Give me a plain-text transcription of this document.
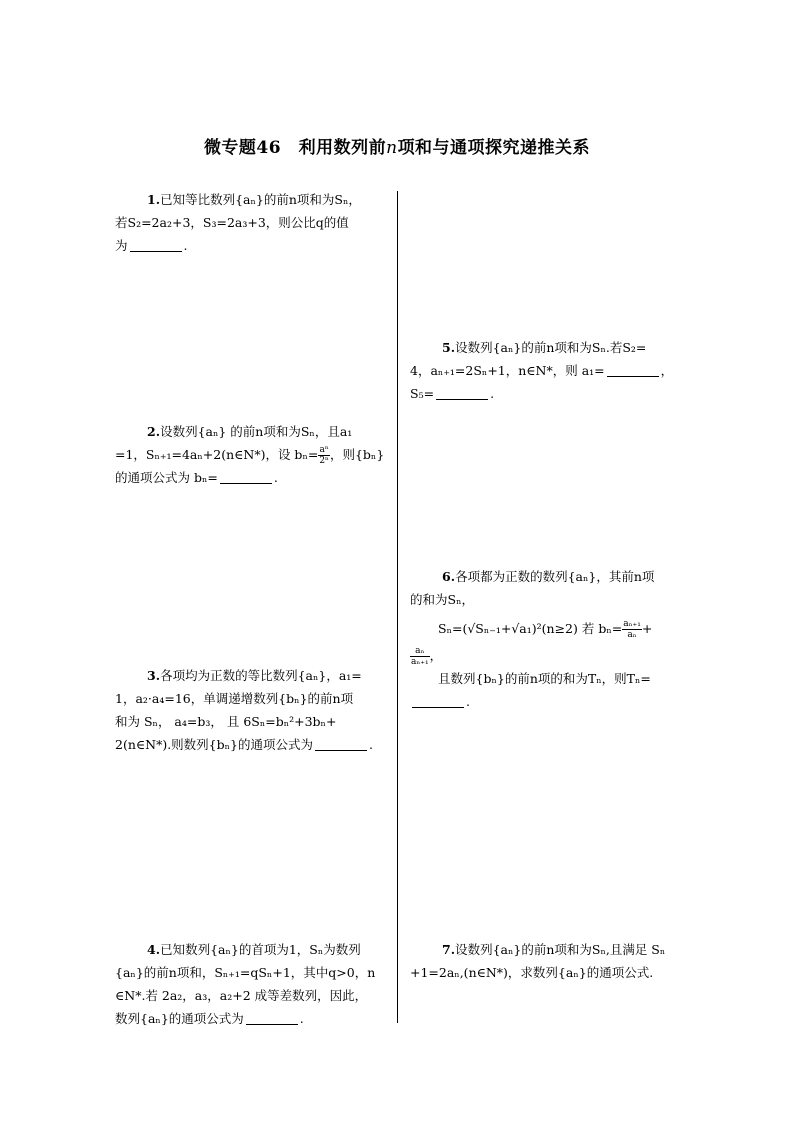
微专题46　利用数列前n项和与通项探究递推关系
1.已知等比数列{aₙ}的前n项和为Sₙ，
若S₂=2a₂+3，S₃=2a₃+3，则公比q的值
为	.
2.设数列{aₙ} 的前n项和为Sₙ，且a₁
=1，Sₙ₊₁=4aₙ+2(n∈N*)，设 $b_n= \frac{\text{aⁿ}}{\text{2ⁿ}}$ ，则{bₙ}
的通项公式为 bₙ=	.
3.各项均为正数的等比数列{aₙ}，a₁=
1，a₂·a₄=16，单调递增数列{bₙ}的前n项
和为 Sₙ， a₄=b₃， 且 6Sₙ=bₙ²+3bₙ+
2(n∈N*).则数列{bₙ}的通项公式为	.
4.已知数列{aₙ}的首项为1，Sₙ为数列
{aₙ}的前n项和，Sₙ₊₁=qSₙ+1，其中q>0，n
∈N*.若 2a₂，a₃，a₂+2 成等差数列，因此，
数列{aₙ}的通项公式为	.
5.设数列{aₙ}的前n项和为Sₙ.若S₂=
4，aₙ₊₁=2Sₙ+1，n∈N*，则 a₁=	，
S₅=	.
6.各项都为正数的数列{aₙ}，其前n项
的和为Sₙ，
Sₙ=(√Sₙ₋₁+√a₁)²(n≥2) 若 $b_n= \frac{\text{aₙ₊₁}}{\text{aₙ}}$ +
$\frac{\text{aₙ}}{\text{aₙ₊₁}}$ ，
且数列{bₙ}的前n项的和为Tₙ，则Tₙ=
.
7.设数列{aₙ}的前n项和为Sₙ,且满足 Sₙ
+1=2aₙ,(n∈N*)，求数列{aₙ}的通项公式.
